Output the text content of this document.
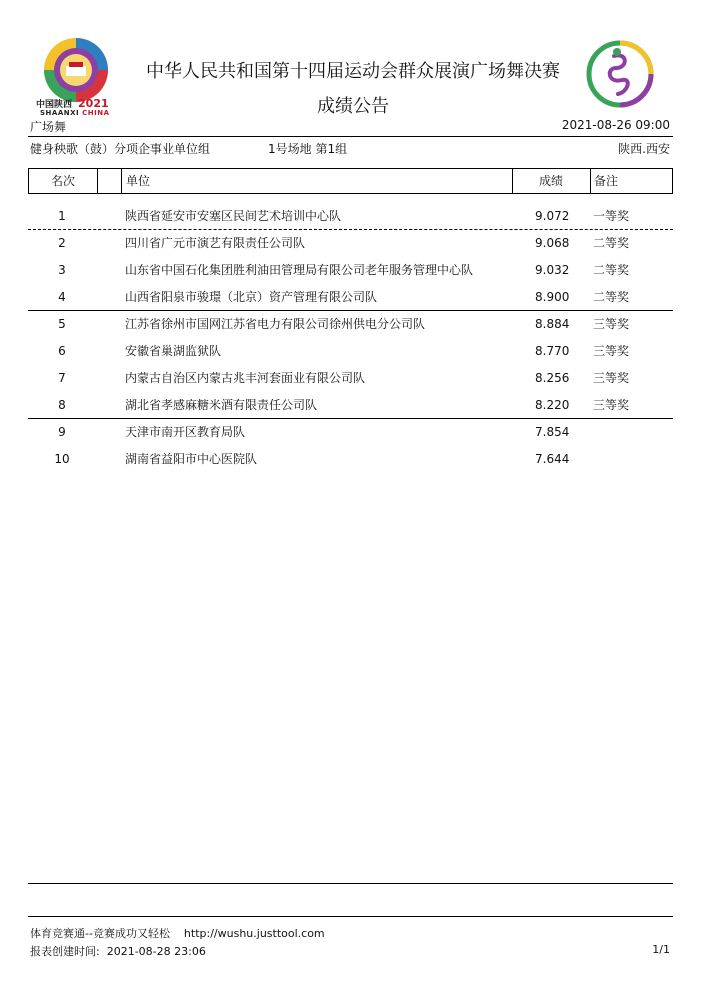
中国陕西 2021
SHAANXI CHINA
中华人民共和国第十四届运动会群众展演广场舞决赛
成绩公告
广场舞	2021-08-26 09:00
健身秧歌（鼓）分项企事业单位组	1号场地 第1组	陕西.西安
名次	单位	成绩	备注
1	陕西省延安市安塞区民间艺术培训中心队	9.072 一等奖
2	四川省广元市演艺有限责任公司队	9.068 二等奖
3	山东省中国石化集团胜利油田管理局有限公司老年服务管理中心队	9.032 二等奖
4	山西省阳泉市骏璟（北京）资产管理有限公司队	8.900 二等奖
5	江苏省徐州市国网江苏省电力有限公司徐州供电分公司队	8.884 三等奖
6	安徽省巢湖监狱队	8.770 三等奖
7	内蒙古自治区内蒙古兆丰河套面业有限公司队	8.256 三等奖
8	湖北省孝感麻糖米酒有限责任公司队	8.220 三等奖
9	天津市南开区教育局队	7.854
10	湖南省益阳市中心医院队	7.644
体育竞赛通--竞赛成功又轻松    http://wushu.justtool.com
报表创建时间:  2021-08-28 23:06	1/1
